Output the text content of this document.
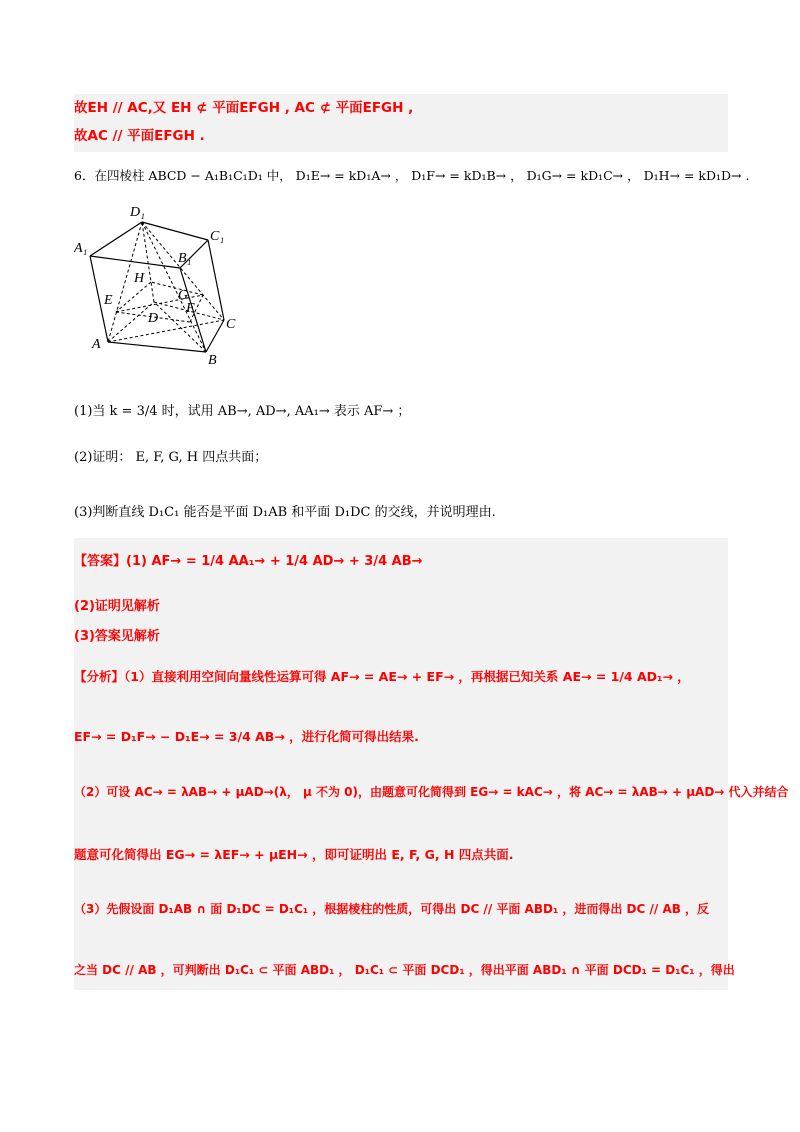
故EH // AC,又 EH ⊄ 平面EFGH , AC ⊄ 平面EFGH ,
故AC // 平面EFGH .
6．在四棱柱 ABCD − A₁B₁C₁D₁ 中， D₁E→ = kD₁A→ ， D₁F→ = kD₁B→ ， D₁G→ = kD₁C→ ， D₁H→ = kD₁D→ .
A₁
D₁
C₁
B₁
H
G
F
E
D	C
A
B
(1)当 k = 3/4 时，试用 AB→, AD→, AA₁→ 表示 AF→ ；
(2)证明： E, F, G, H 四点共面；
(3)判断直线 D₁C₁ 能否是平面 D₁AB 和平面 D₁DC 的交线，并说明理由.
【答案】(1) AF→ = 1/4 AA₁→ + 1/4 AD→ + 3/4 AB→
(2)证明见解析
(3)答案见解析
【分析】（1）直接利用空间向量线性运算可得 AF→ = AE→ + EF→ ，再根据已知关系 AE→ = 1/4 AD₁→ ，
EF→ = D₁F→ − D₁E→ = 3/4 AB→ ，进行化简可得出结果.
（2）可设 AC→ = λAB→ + μAD→(λ， μ 不为 0)，由题意可化简得到 EG→ = kAC→ ，将 AC→ = λAB→ + μAD→ 代入并结合
题意可化简得出 EG→ = λEF→ + μEH→ ，即可证明出 E, F, G, H 四点共面.
（3）先假设面 D₁AB ∩ 面 D₁DC = D₁C₁ ，根据棱柱的性质，可得出 DC // 平面 ABD₁ ，进而得出 DC // AB ，反
之当 DC // AB ，可判断出 D₁C₁ ⊂ 平面 ABD₁ ， D₁C₁ ⊂ 平面 DCD₁ ，得出平面 ABD₁ ∩ 平面 DCD₁ = D₁C₁ ，得出
